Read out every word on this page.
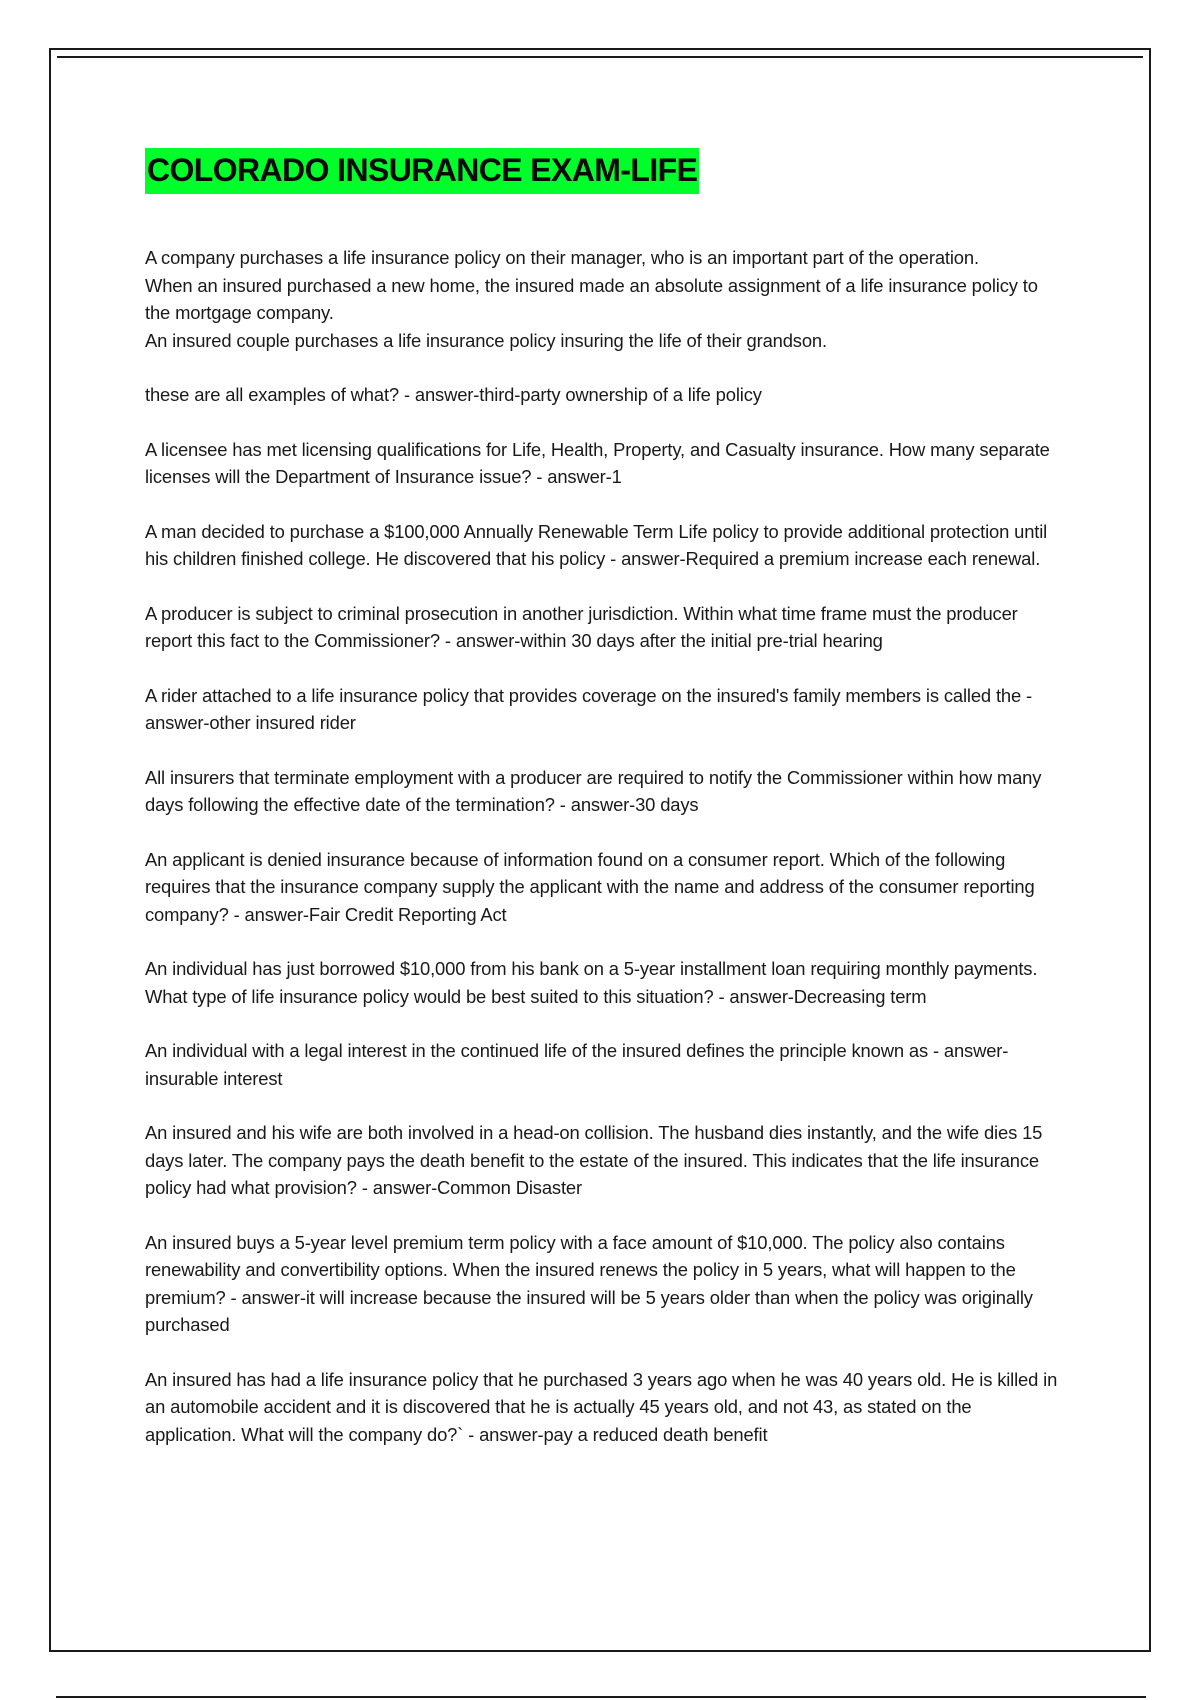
COLORADO INSURANCE EXAM-LIFE

A company purchases a life insurance policy on their manager, who is an important part of the operation.

When an insured purchased a new home, the insured made an absolute assignment of a life insurance policy to the mortgage company.

An insured couple purchases a life insurance policy insuring the life of their grandson.

these are all examples of what? - answer-third-party ownership of a life policy

A licensee has met licensing qualifications for Life, Health, Property, and Casualty insurance. How many separate licenses will the Department of Insurance issue? - answer-1

A man decided to purchase a $100,000 Annually Renewable Term Life policy to provide additional protection until his children finished college. He discovered that his policy - answer-Required a premium increase each renewal.

A producer is subject to criminal prosecution in another jurisdiction. Within what time frame must the producer report this fact to the Commissioner? - answer-within 30 days after the initial pre-trial hearing

A rider attached to a life insurance policy that provides coverage on the insured's family members is called the - answer-other insured rider

All insurers that terminate employment with a producer are required to notify the Commissioner within how many days following the effective date of the termination? - answer-30 days

An applicant is denied insurance because of information found on a consumer report. Which of the following requires that the insurance company supply the applicant with the name and address of the consumer reporting company? - answer-Fair Credit Reporting Act

An individual has just borrowed $10,000 from his bank on a 5-year installment loan requiring monthly payments. What type of life insurance policy would be best suited to this situation? - answer-Decreasing term

An individual with a legal interest in the continued life of the insured defines the principle known as - answer-insurable interest

An insured and his wife are both involved in a head-on collision. The husband dies instantly, and the wife dies 15 days later. The company pays the death benefit to the estate of the insured. This indicates that the life insurance policy had what provision? - answer-Common Disaster

An insured buys a 5-year level premium term policy with a face amount of $10,000. The policy also contains renewability and convertibility options. When the insured renews the policy in 5 years, what will happen to the premium? - answer-it will increase because the insured will be 5 years older than when the policy was originally purchased

An insured has had a life insurance policy that he purchased 3 years ago when he was 40 years old. He is killed in an automobile accident and it is discovered that he is actually 45 years old, and not 43, as stated on the application. What will the company do?` - answer-pay a reduced death benefit
